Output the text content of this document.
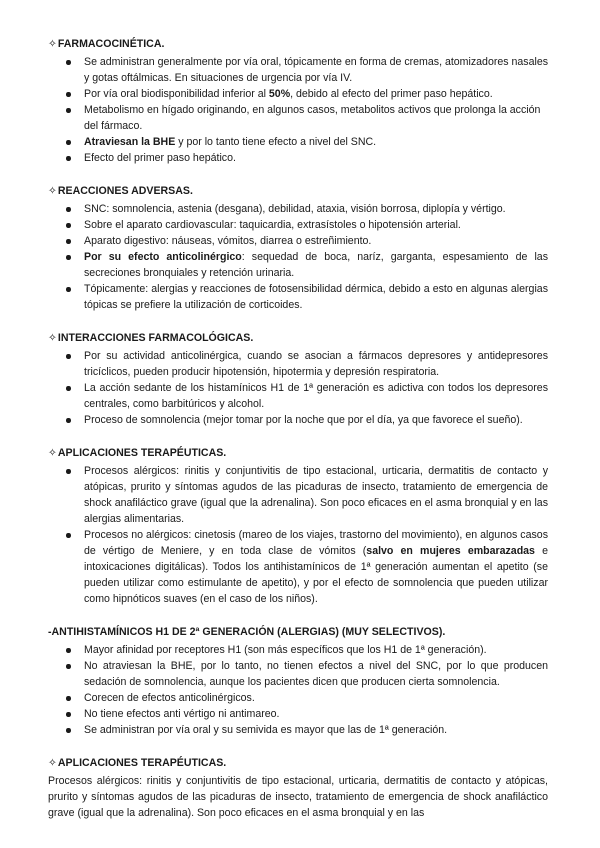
✧FARMACOCINÉTICA.
Se administran generalmente por vía oral, tópicamente en forma de cremas, atomizadores nasales y gotas oftálmicas. En situaciones de urgencia por vía IV.
Por vía oral biodisponibilidad inferior al 50%, debido al efecto del primer paso hepático.
Metabolismo en hígado originando, en algunos casos, metabolitos activos que prolonga la acción del fármaco.
Atraviesan la BHE y por lo tanto tiene efecto a nivel del SNC.
Efecto del primer paso hepático.
✧REACCIONES ADVERSAS.
SNC: somnolencia, astenia (desgana), debilidad, ataxia, visión borrosa, diplopía y vértigo.
Sobre el aparato cardiovascular: taquicardia, extrasístoles o hipotensión arterial.
Aparato digestivo: náuseas, vómitos, diarrea o estreñimiento.
Por su efecto anticolinérgico: sequedad de boca, naríz, garganta, espesamiento de las secreciones bronquiales y retención urinaria.
Tópicamente: alergias y reacciones de fotosensibilidad dérmica, debido a esto en algunas alergias tópicas se prefiere la utilización de corticoides.
✧INTERACCIONES FARMACOLÓGICAS.
Por su actividad anticolinérgica, cuando se asocian a fármacos depresores y antidepresores tricíclicos, pueden producir hipotensión, hipotermia y depresión respiratoria.
La acción sedante de los histamínicos H1 de 1ª generación es adictiva con todos los depresores centrales, como barbitúricos y alcohol.
Proceso de somnolencia (mejor tomar por la noche que por el día, ya que favorece el sueño).
✧APLICACIONES TERAPÉUTICAS.
Procesos alérgicos: rinitis y conjuntivitis de tipo estacional, urticaria, dermatitis de contacto y atópicas, prurito y síntomas agudos de las picaduras de insecto, tratamiento de emergencia de shock anafiláctico grave (igual que la adrenalina). Son poco eficaces en el asma bronquial y en las alergias alimentarias.
Procesos no alérgicos: cinetosis (mareo de los viajes, trastorno del movimiento), en algunos casos de vértigo de Meniere, y en toda clase de vómitos (salvo en mujeres embarazadas e intoxicaciones digitálicas). Todos los antihistamínicos de 1ª generación aumentan el apetito (se pueden utilizar como estimulante de apetito), y por el efecto de somnolencia que pueden utilizar como hipnóticos suaves (en el caso de los niños).
-ANTIHISTAMÍNICOS H1 DE 2ª GENERACIÓN (ALERGIAS) (MUY SELECTIVOS).
Mayor afinidad por receptores H1 (son más específicos que los H1 de 1ª generación).
No atraviesan la BHE, por lo tanto, no tienen efectos a nivel del SNC, por lo que producen sedación de somnolencia, aunque los pacientes dicen que producen cierta somnolencia.
Corecen de efectos anticolinérgicos.
No tiene efectos anti vértigo ni antimareo.
Se administran por vía oral y su semivida es mayor que las de 1ª generación.
✧APLICACIONES TERAPÉUTICAS.

Procesos alérgicos: rinitis y conjuntivitis de tipo estacional, urticaria, dermatitis de contacto y atópicas, prurito y síntomas agudos de las picaduras de insecto, tratamiento de emergencia de shock anafiláctico grave (igual que la adrenalina). Son poco eficaces en el asma bronquial y en las
